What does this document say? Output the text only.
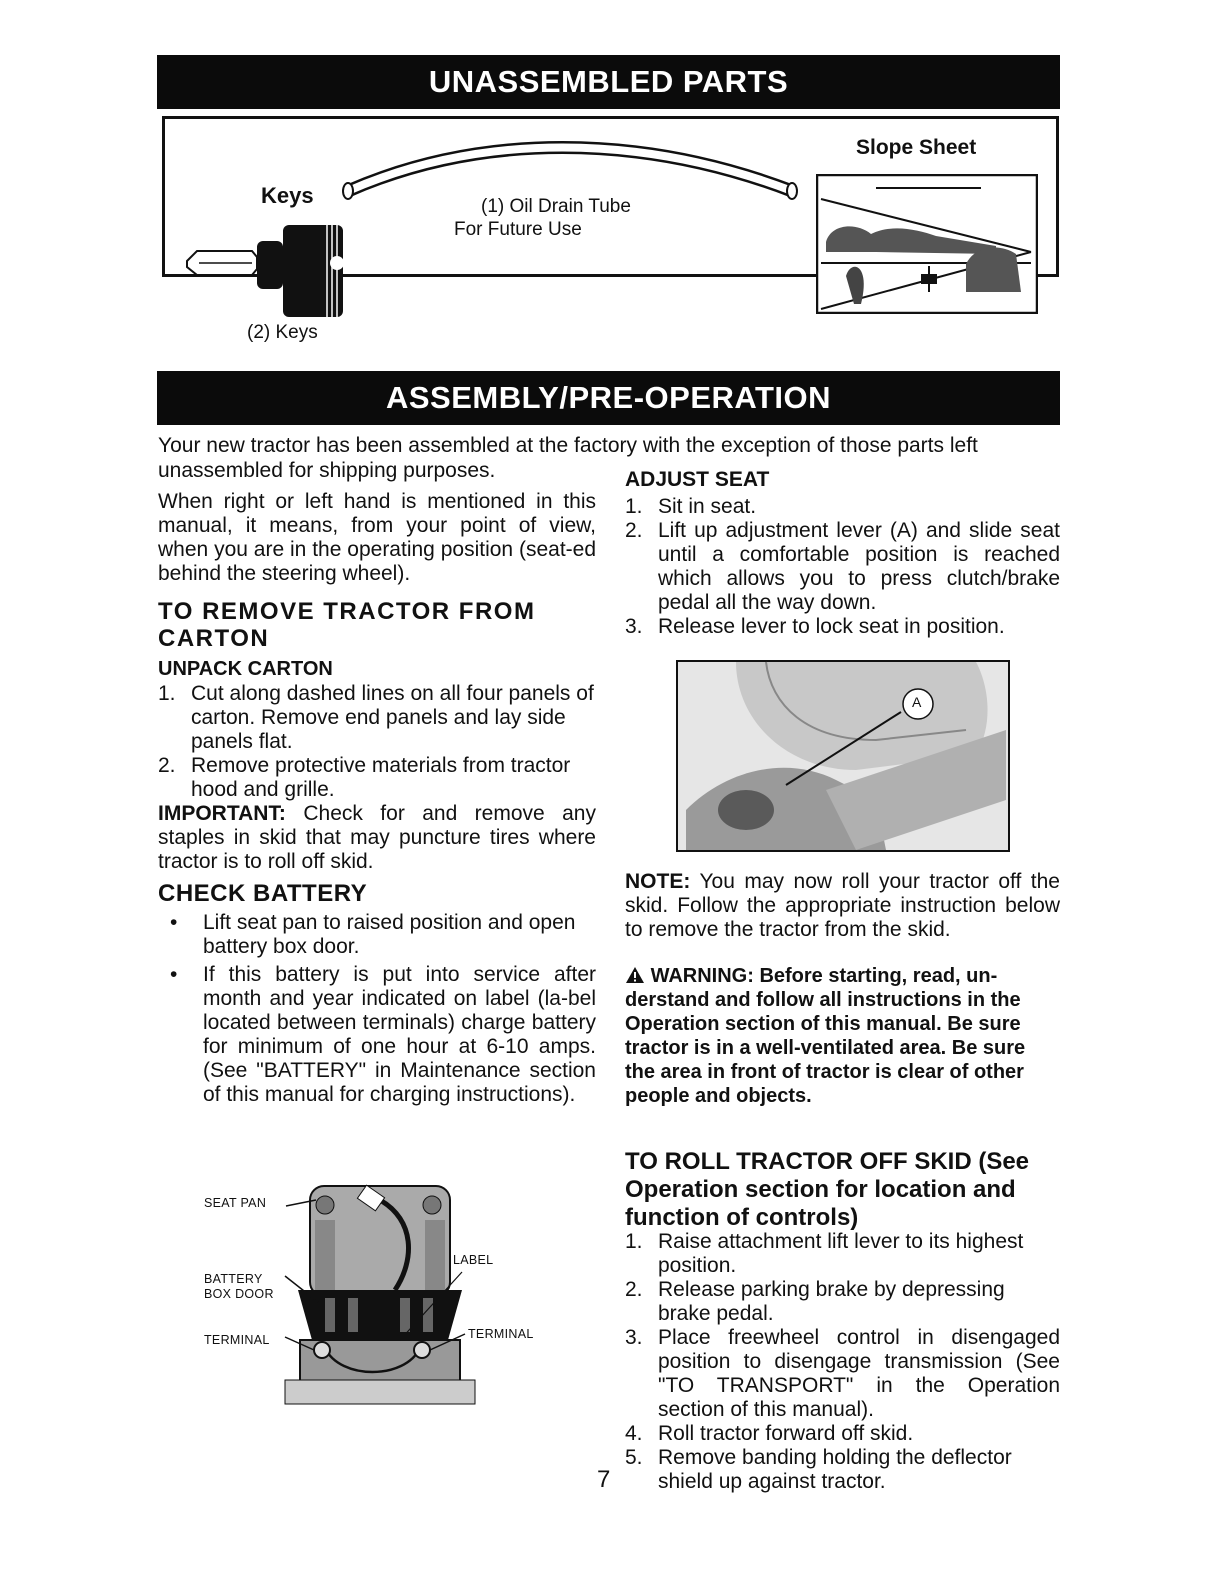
UNASSEMBLED PARTS
Keys
(2) Keys
(1) Oil Drain Tube
For Future Use
Slope Sheet
ASSEMBLY/PRE-OPERATION
Your new tractor has been assembled at the factory with the exception of those parts left
unassembled for shipping purposes.

When right or left hand is mentioned in this manual, it means, from your point of view, when you are in the operating position (seat-ed behind the steering wheel).

TO REMOVE TRACTOR FROM CARTON

UNPACK CARTON

1. Cut along dashed lines on all four panels of carton. Remove end panels and lay side panels flat.
2. Remove protective materials from tractor hood and grille.

IMPORTANT: Check for and remove any staples in skid that may puncture tires where tractor is to roll off skid.

CHECK BATTERY

• Lift seat pan to raised position and open battery box door.
• If this battery is put into service after month and year indicated on label (la-bel located between terminals) charge battery for minimum of one hour at 6-10 amps. (See "BATTERY" in Maintenance section of this manual for charging instructions).
SEAT PAN
BATTERY
BOX DOOR
LABEL
TERMINAL	TERMINAL

ADJUST SEAT

1. Sit in seat.
2. Lift up adjustment lever (A) and slide seat until a comfortable position is reached which allows you to press clutch/brake pedal all the way down.
3. Release lever to lock seat in position.
A
NOTE: You may now roll your tractor off the skid. Follow the appropriate instruction below to remove the tractor from the skid.
WARNING: Before starting, read, un-derstand and follow all instructions in the Operation section of this manual. Be sure tractor is in a well-ventilated area. Be sure the area in front of tractor is clear of other people and objects.
TO ROLL TRACTOR OFF SKID (See Operation section for location and function of controls)
1. Raise attachment lift lever to its highest position.
2. Release parking brake by depressing brake pedal.
3. Place freewheel control in disengaged position to disengage transmission (See "TO TRANSPORT" in the Operation section of this manual).
4. Roll tractor forward off skid.
5. Remove banding holding the deflector shield up against tractor.
7
